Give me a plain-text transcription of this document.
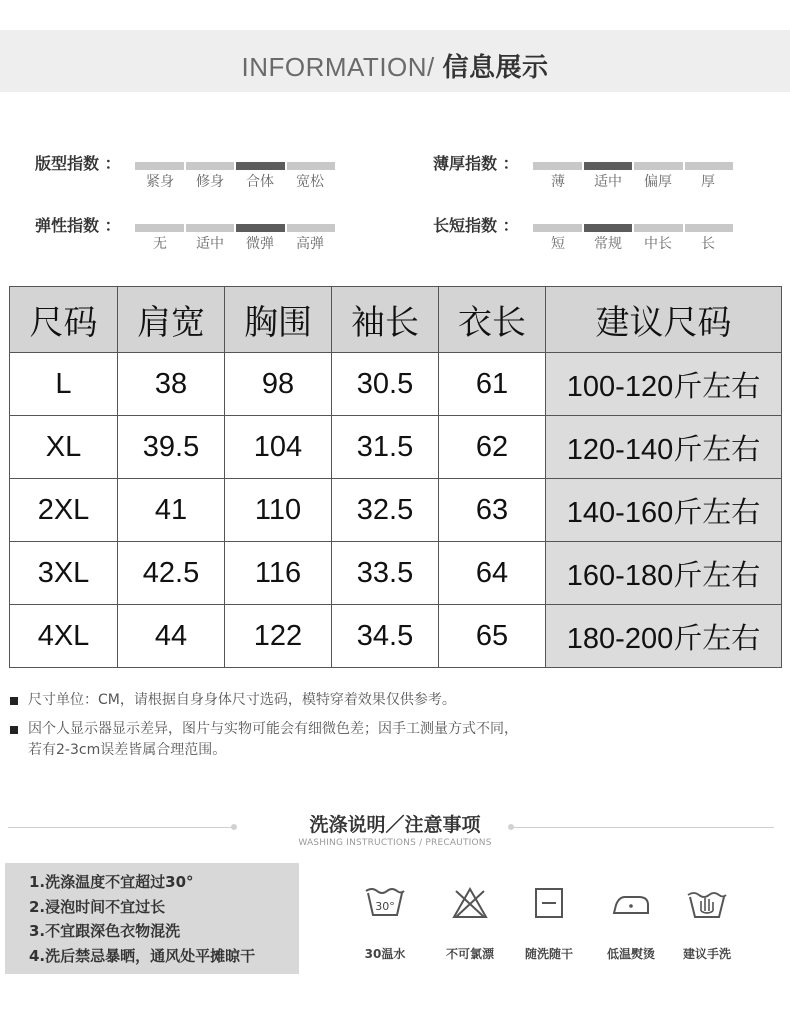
INFORMATION/ 信息展示
版型指数 ：
紧身	修身	合体	宽松
薄厚指数 ：
薄	适中	偏厚	厚
弹性指数 ：
无	适中	微弹	高弹
长短指数 ：
短	常规	中长	长
尺码	肩宽	胸围	袖长	衣长	建议尺码
L	38	98	30.5	61	100-120斤左右
XL	39.5	104	31.5	62	120-140斤左右
2XL	41	110	32.5	63	140-160斤左右
3XL	42.5	116	33.5	64	160-180斤左右
4XL	44	122	34.5	65	180-200斤左右
尺寸单位：CM，请根据自身身体尺寸选码，模特穿着效果仅供参考。
因个人显示器显示差异，图片与实物可能会有细微色差；因手工测量方式不同，
若有2-3cm误差皆属合理范围。
洗涤说明／注意事项
WASHING INSTRUCTIONS / PRECAUTIONS
1.洗涤温度不宜超过30°
2.浸泡时间不宜过长
3.不宜跟深色衣物混洗
4.洗后禁忌暴晒，通风处平摊晾干
30°
30温水	不可氯漂	随洗随干	低温熨烫	建议手洗
